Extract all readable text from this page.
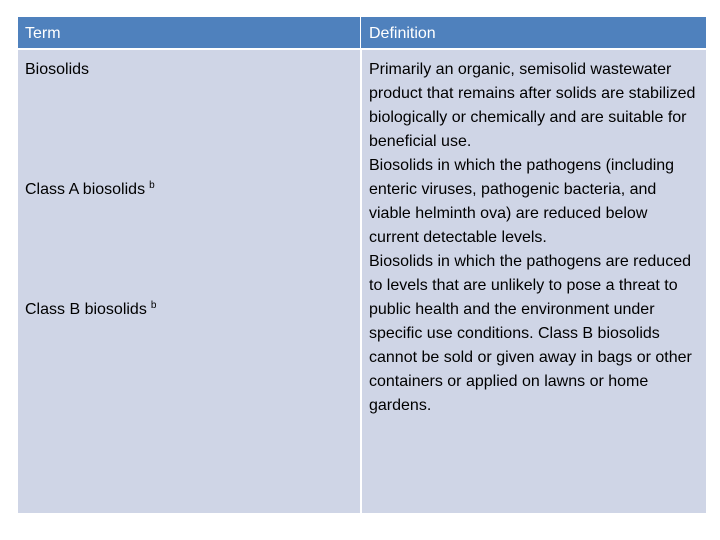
Term	Definition
Biosolids
Class A biosolids $^b$
Class B biosolids $^b$
Primarily an organic, semisolid wastewater product that remains after solids are stabilized biologically or chemically and are suitable for beneficial use.
Biosolids in which the pathogens (including enteric viruses, pathogenic bacteria, and viable helminth ova) are reduced below current detectable levels.
Biosolids in which the pathogens are reduced to levels that are unlikely to pose a threat to public health and the environment under specific use conditions. Class B biosolids cannot be sold or given away in bags or other containers or applied on lawns or home gardens.
